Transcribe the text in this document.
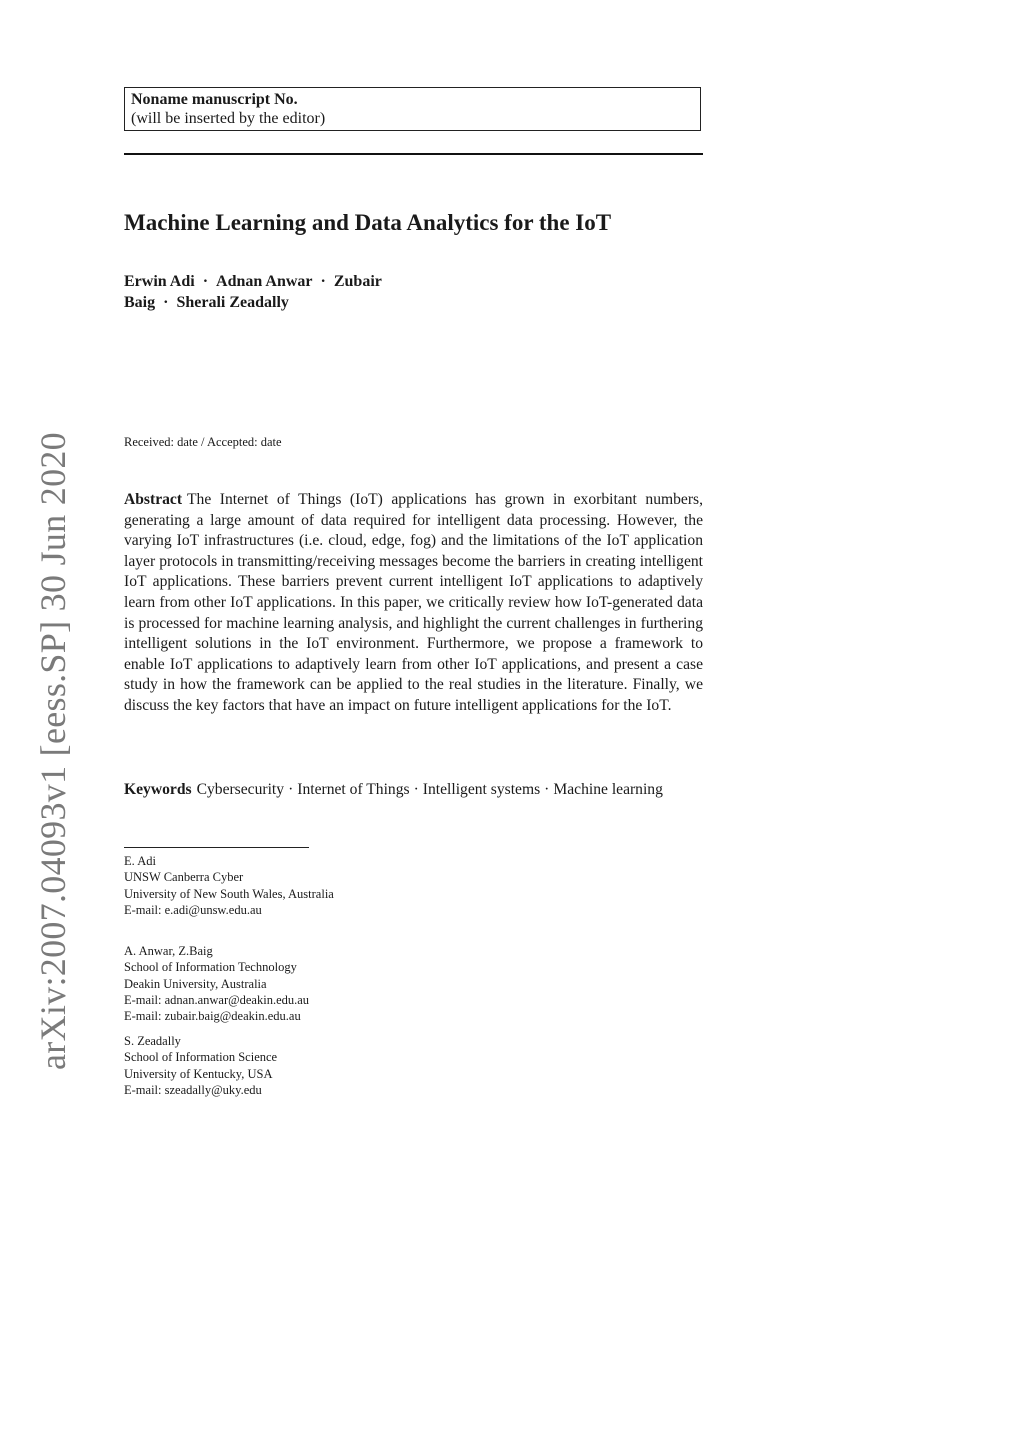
Noname manuscript No.
(will be inserted by the editor)
Machine Learning and Data Analytics for the IoT
Erwin Adi · Adnan Anwar · Zubair
Baig · Sherali Zeadally
Received: date / Accepted: date
Abstract The Internet of Things (IoT) applications has grown in exorbitant numbers, generating a large amount of data required for intelligent data processing. However, the varying IoT infrastructures (i.e. cloud, edge, fog) and the limitations of the IoT application layer protocols in transmitting/receiving messages become the barriers in creating intelligent IoT applications. These barriers prevent current intelligent IoT applications to adaptively learn from other IoT applications. In this paper, we critically review how IoT-generated data is processed for machine learning analysis, and highlight the current challenges in furthering intelligent solutions in the IoT environment. Furthermore, we propose a framework to enable IoT applications to adaptively learn from other IoT applications, and present a case study in how the framework can be applied to the real studies in the literature. Finally, we discuss the key factors that have an impact on future intelligent applications for the IoT.
Keywords Cybersecurity · Internet of Things · Intelligent systems · Machine learning
E. Adi
UNSW Canberra Cyber
University of New South Wales, Australia
E-mail: e.adi@unsw.edu.au
A. Anwar, Z.Baig
School of Information Technology
Deakin University, Australia
E-mail: adnan.anwar@deakin.edu.au
E-mail: zubair.baig@deakin.edu.au
S. Zeadally
School of Information Science
University of Kentucky, USA
E-mail: szeadally@uky.edu
arXiv:2007.04093v1 [eess.SP] 30 Jun 2020
